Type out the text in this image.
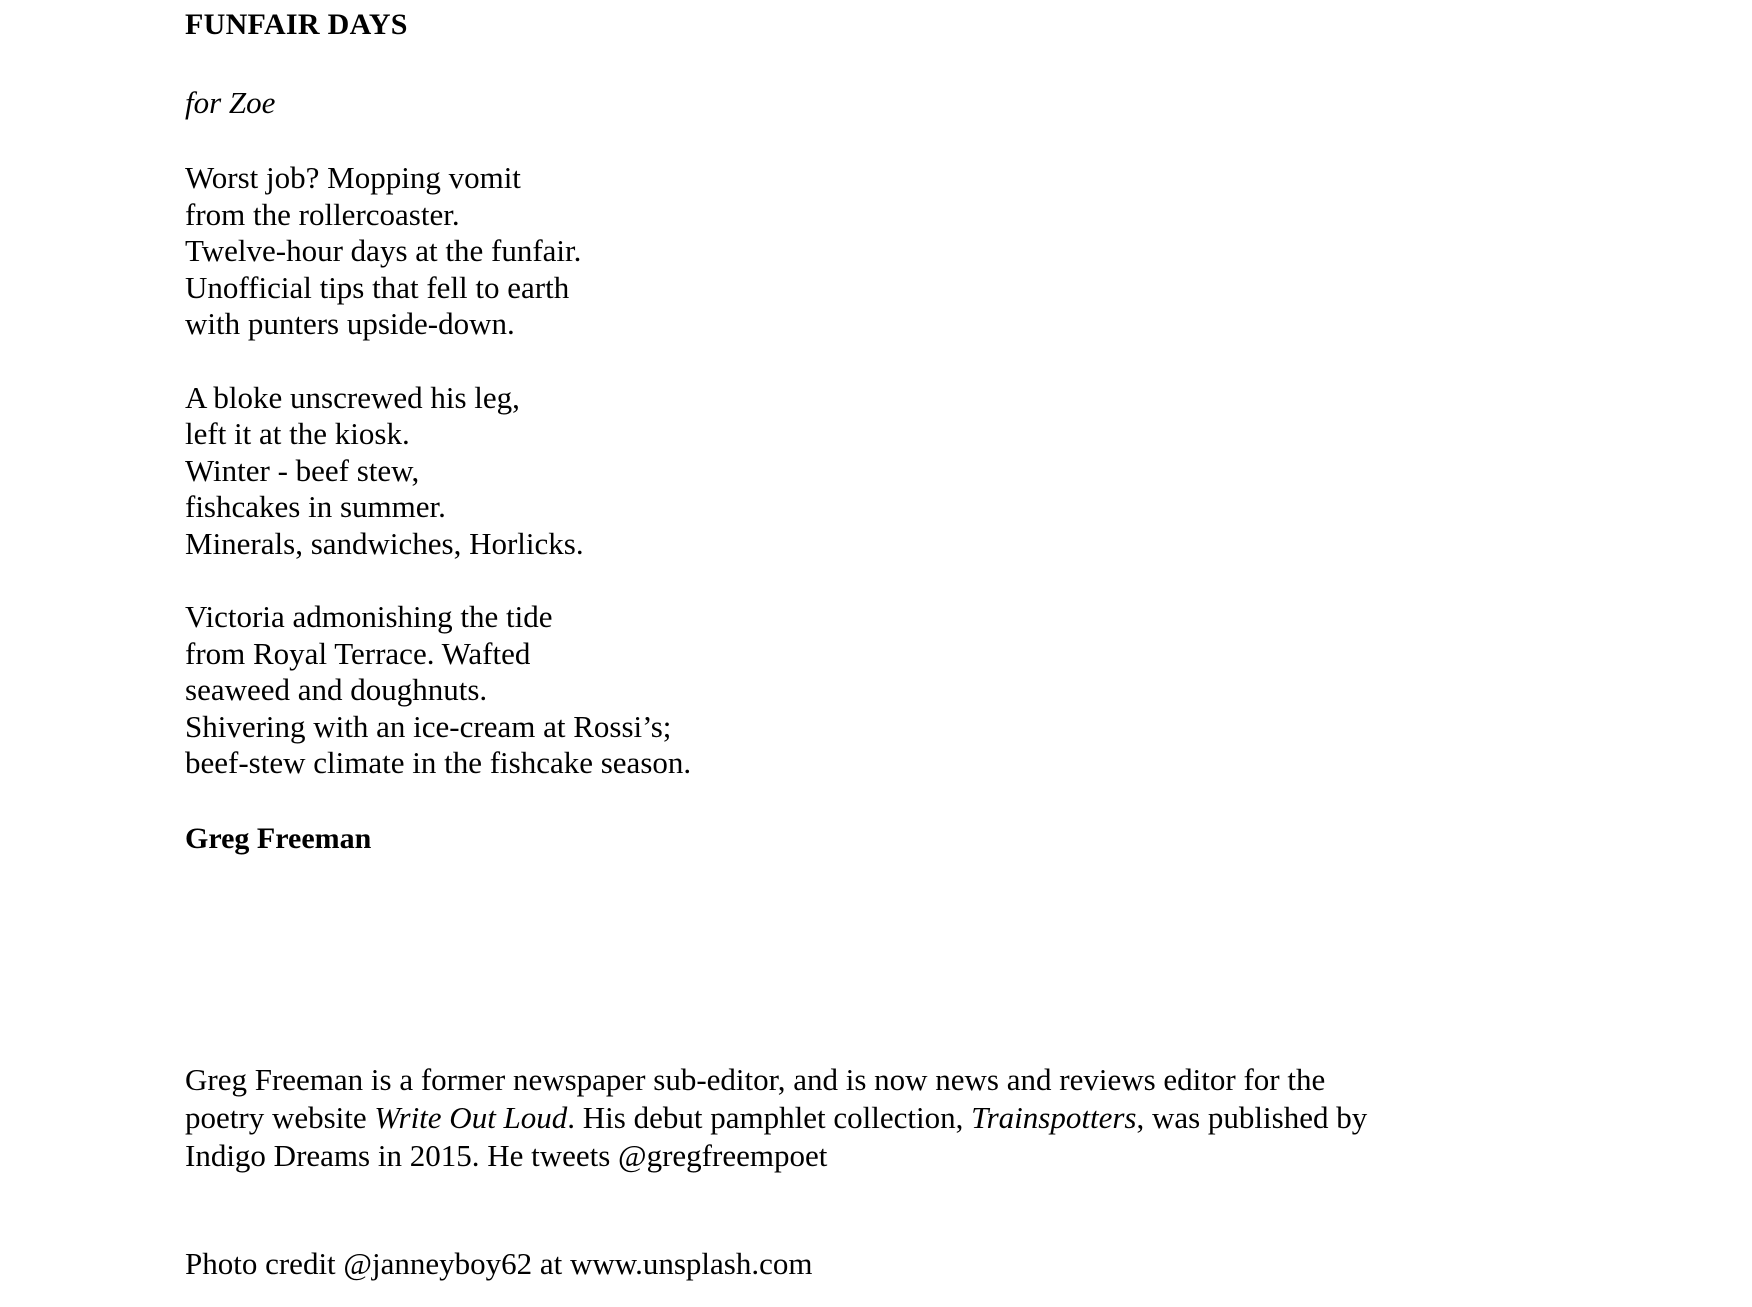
FUNFAIR DAYS

for Zoe

Worst job? Mopping vomit
from the rollercoaster.
Twelve-hour days at the funfair.
Unofficial tips that fell to earth
with punters upside-down.
A bloke unscrewed his leg,
left it at the kiosk.
Winter - beef stew,
fishcakes in summer.
Minerals, sandwiches, Horlicks.
Victoria admonishing the tide
from Royal Terrace. Wafted
seaweed and doughnuts.
Shivering with an ice-cream at Rossi’s;
beef-stew climate in the fishcake season.

Greg Freeman

Greg Freeman is a former newspaper sub-editor, and is now news and reviews editor for the poetry website Write Out Loud. His debut pamphlet collection, Trainspotters, was published by Indigo Dreams in 2015. He tweets @gregfreempoet

Photo credit @janneyboy62 at www.unsplash.com
